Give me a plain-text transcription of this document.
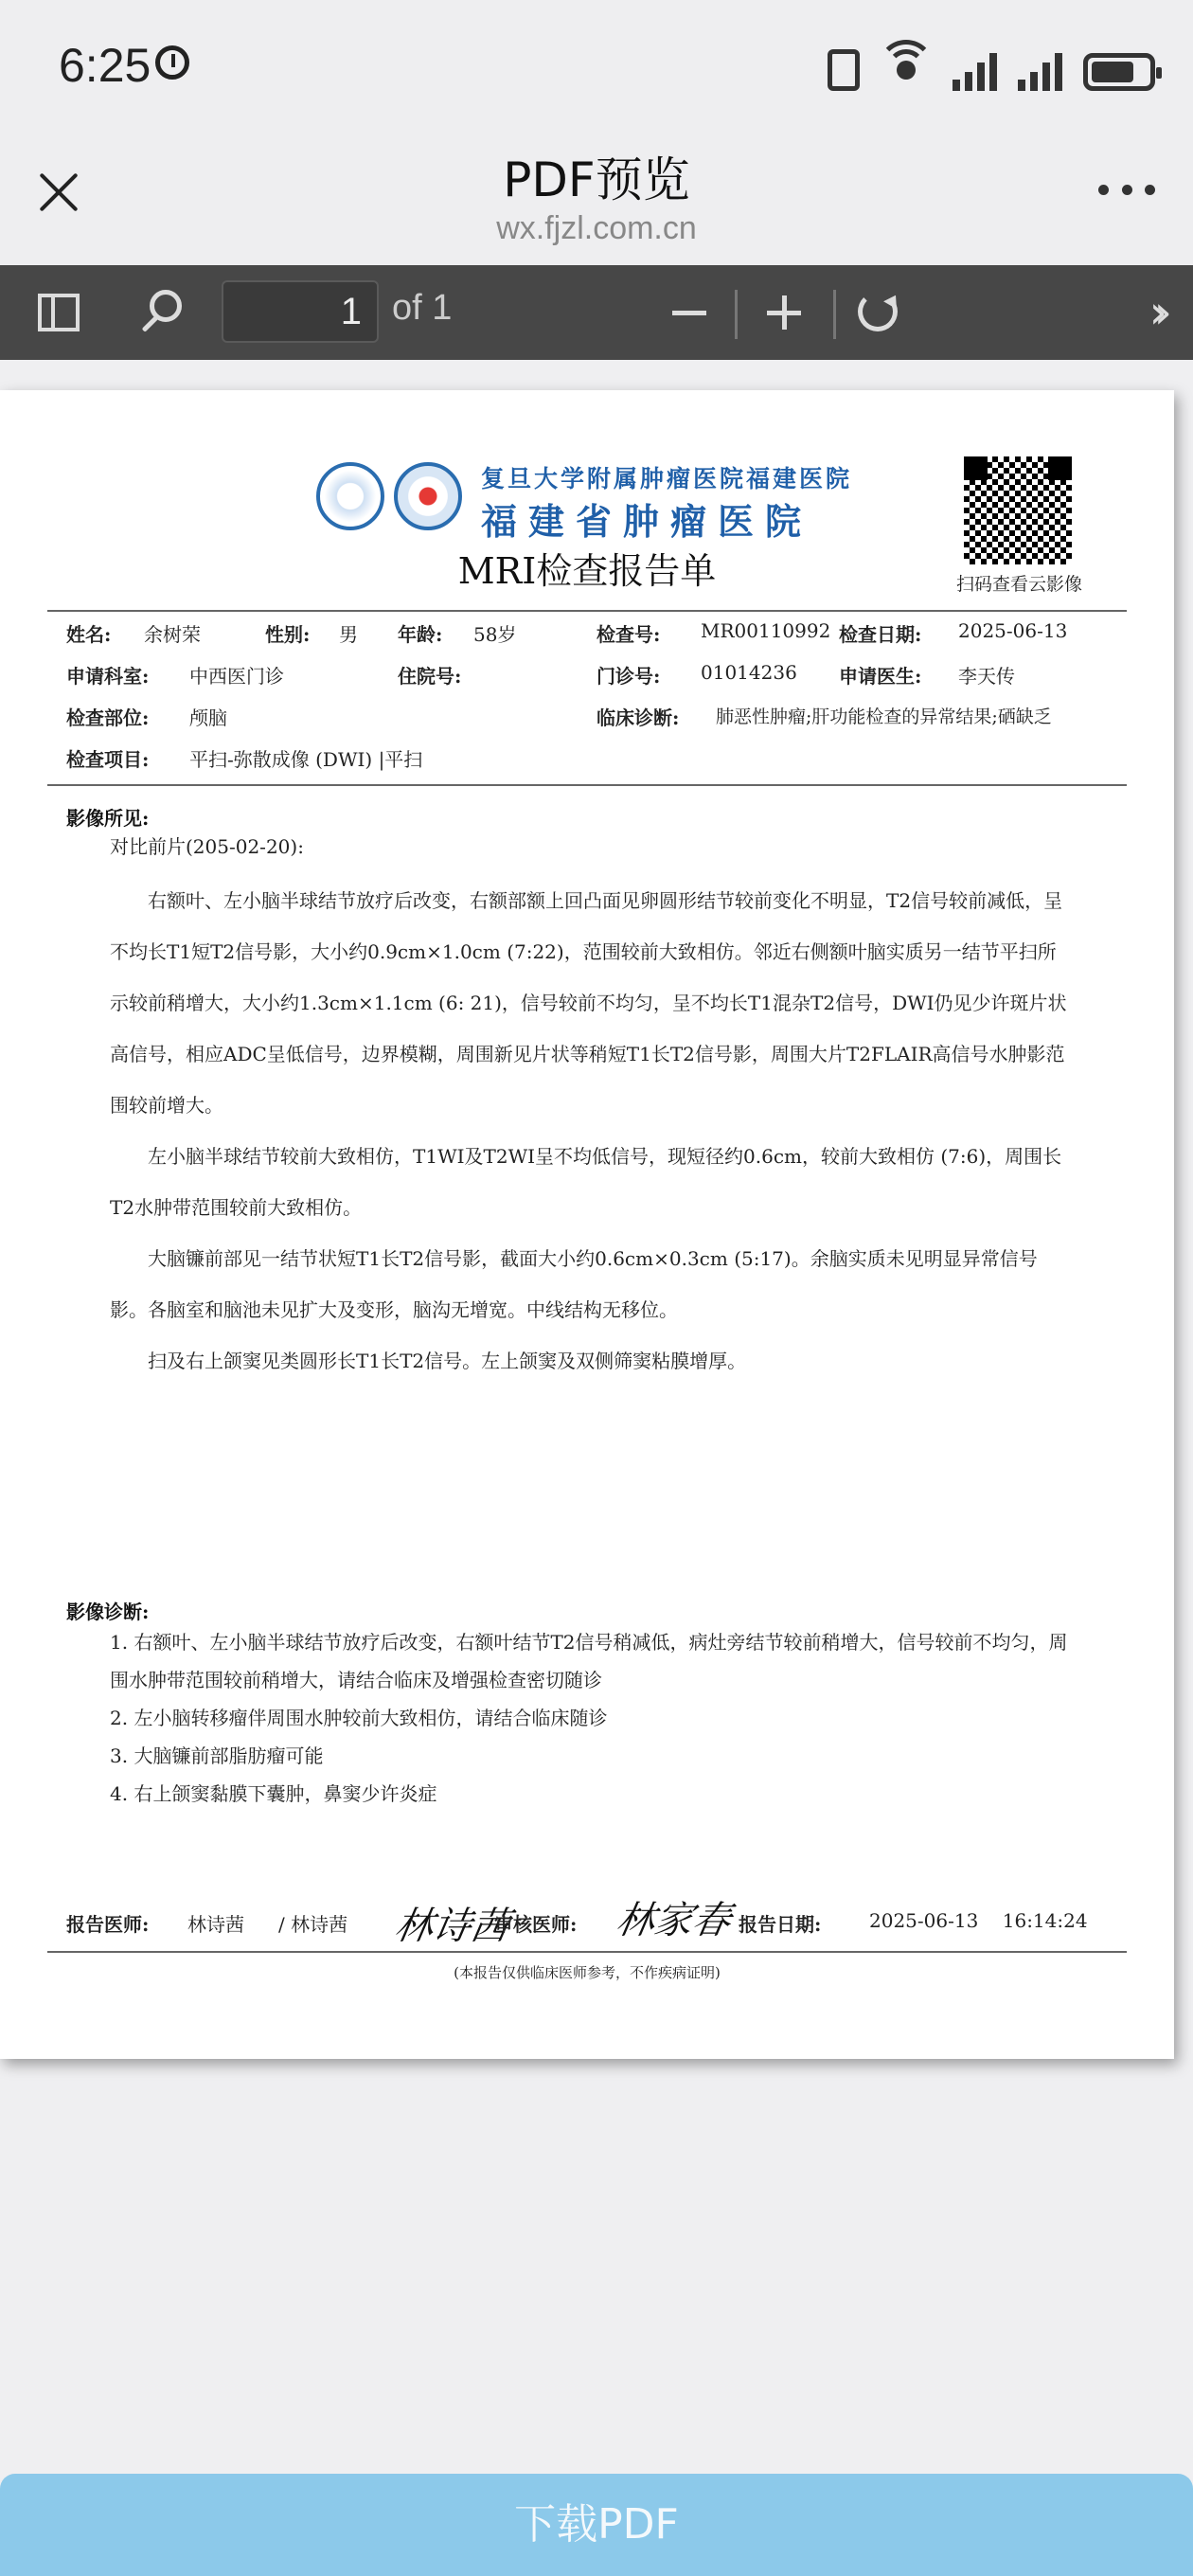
6:25
PDF预览
wx.fjzl.com.cn
1 of 1	››
复旦大学附属肿瘤医院福建医院
福建省肿瘤医院
MRI检查报告单	扫码查看云影像
姓名: 余树荣	性别: 男 年龄: 58岁	检查号: MR00110992 检查日期: 2025-06-13
申请科室: 中西医门诊	住院号:	门诊号: 01014236 申请医生: 李天传
检查部位: 颅脑	临床诊断: 肺恶性肿瘤;肝功能检查的异常结果;硒缺乏
检查项目: 平扫-弥散成像 (DWI) |平扫
影像所见:
对比前片(205-02-20):
右额叶、左小脑半球结节放疗后改变，右额部额上回凸面见卵圆形结节较前变化不明显，T2信号较前减低，呈不均长T1短T2信号影，大小约0.9cm×1.0cm (7:22)，范围较前大致相仿。邻近右侧额叶脑实质另一结节平扫所示较前稍增大，大小约1.3cm×1.1cm (6: 21)，信号较前不均匀，呈不均长T1混杂T2信号，DWI仍见少许斑片状高信号，相应ADC呈低信号，边界模糊，周围新见片状等稍短T1长T2信号影，周围大片T2FLAIR高信号水肿影范围较前增大。
左小脑半球结节较前大致相仿，T1WI及T2WI呈不均低信号，现短径约0.6cm，较前大致相仿 (7:6)，周围长T2水肿带范围较前大致相仿。
大脑镰前部见一结节状短T1长T2信号影，截面大小约0.6cm×0.3cm (5:17)。余脑实质未见明显异常信号影。各脑室和脑池未见扩大及变形，脑沟无增宽。中线结构无移位。
扫及右上颌窦见类圆形长T1长T2信号。左上颌窦及双侧筛窦粘膜增厚。
影像诊断:
1. 右额叶、左小脑半球结节放疗后改变，右额叶结节T2信号稍减低，病灶旁结节较前稍增大，信号较前不均匀，周围水肿带范围较前稍增大，请结合临床及增强检查密切随诊
2. 左小脑转移瘤伴周围水肿较前大致相仿，请结合临床随诊
3. 大脑镰前部脂肪瘤可能
4. 右上颌窦黏膜下囊肿，鼻窦少许炎症
报告医师: 林诗茜 / 林诗茜 林诗茜
审核医师: 林家春 报告日期:	2025-06-13    16:14:24
(本报告仅供临床医师参考，不作疾病证明)
下载PDF
